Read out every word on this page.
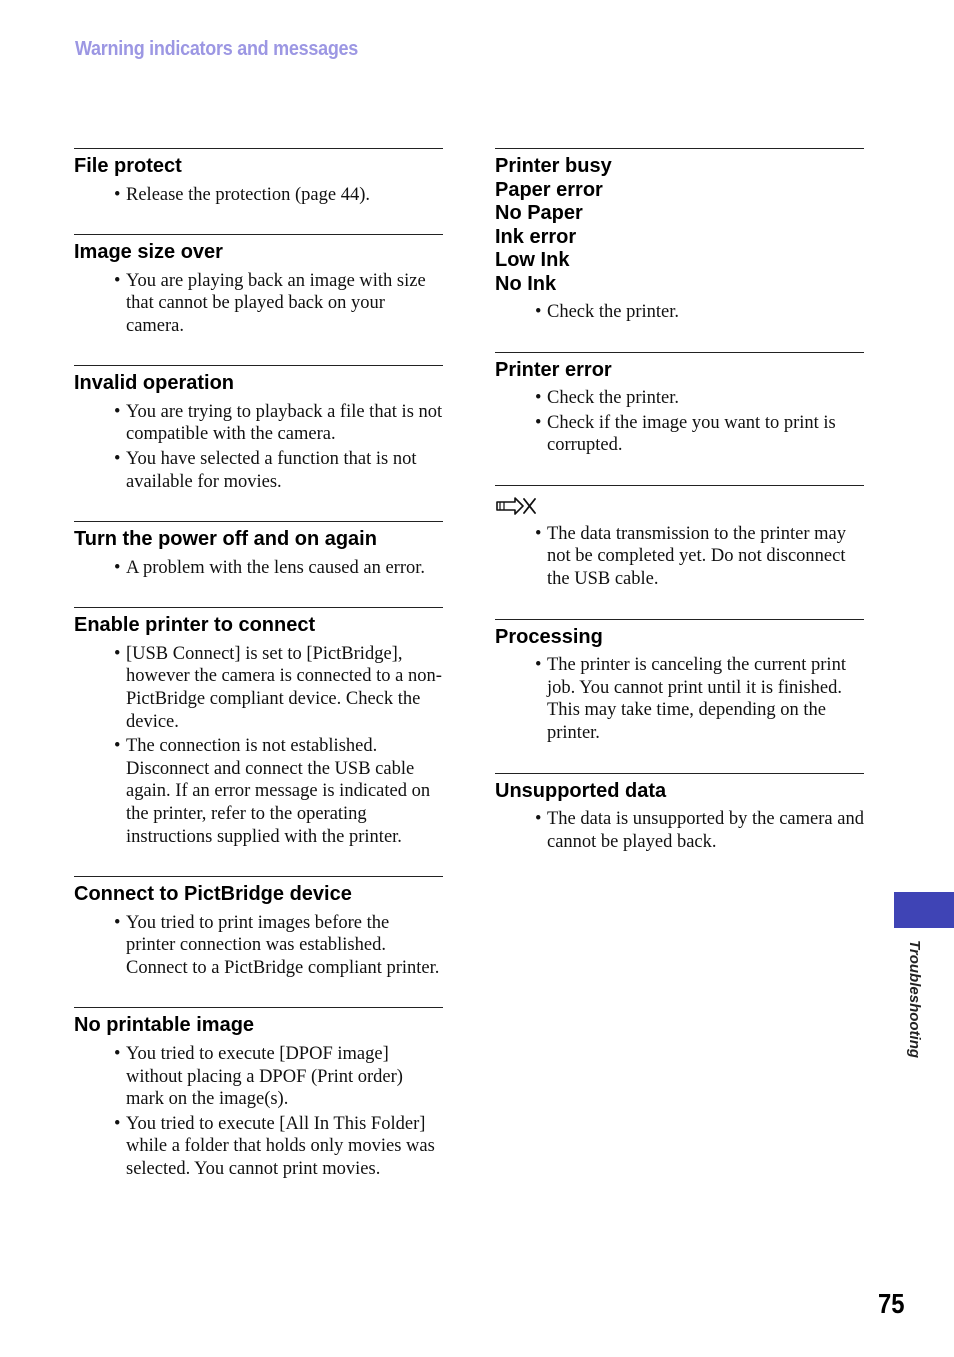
Warning indicators and messages
File protect
• Release the protection (page 44).
Image size over
• You are playing back an image with size that cannot be played back on your camera.
Invalid operation
• You are trying to playback a file that is not compatible with the camera.
• You have selected a function that is not available for movies.
Turn the power off and on again
• A problem with the lens caused an error.
Enable printer to connect
• [USB Connect] is set to [PictBridge], however the camera is connected to a non-PictBridge compliant device. Check the device.
• The connection is not established. Disconnect and connect the USB cable again. If an error message is indicated on the printer, refer to the operating instructions supplied with the printer.
Connect to PictBridge device
• You tried to print images before the printer connection was established. Connect to a PictBridge compliant printer.
No printable image
• You tried to execute [DPOF image] without placing a DPOF (Print order) mark on the image(s).
• You tried to execute [All In This Folder] while a folder that holds only movies was selected. You cannot print movies.
Printer busy
Paper error
No Paper
Ink error
Low Ink
No Ink
• Check the printer.
Printer error
• Check the printer.
• Check if the image you want to print is corrupted.
• The data transmission to the printer may not be completed yet. Do not disconnect the USB cable.
Processing
• The printer is canceling the current print job. You cannot print until it is finished. This may take time, depending on the printer.
Unsupported data
• The data is unsupported by the camera and cannot be played back.
Troubleshooting
75
